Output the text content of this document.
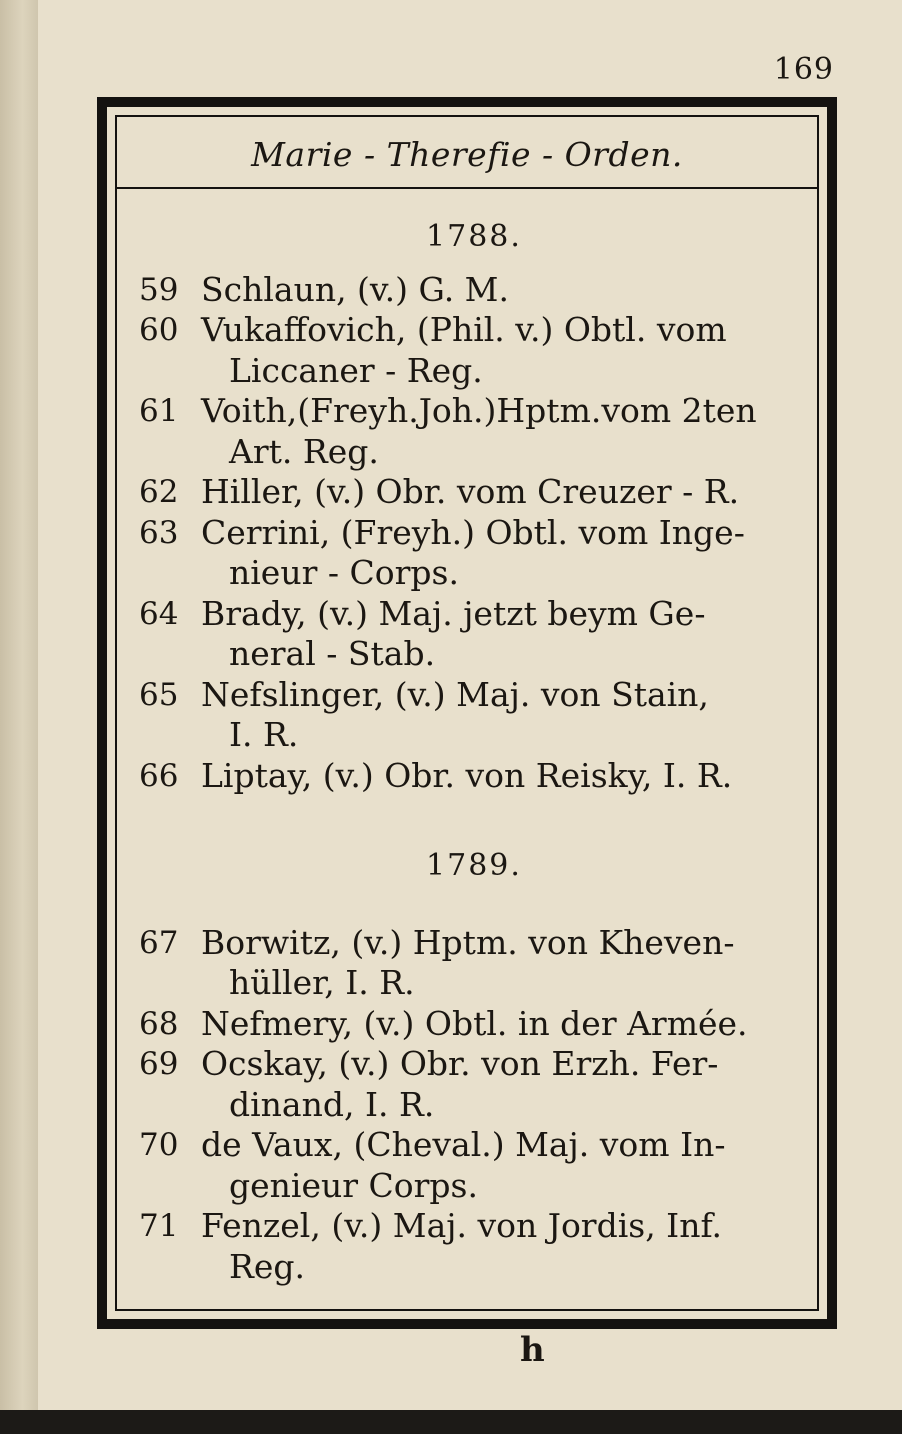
169
Marie - Therefie - Orden.
1788.
59 Schlaun, (v.) G. M.
60 Vukaffovich, (Phil. v.) Obtl. vom
Liccaner - Reg.
61 Voith,(Freyh.Joh.)Hptm.vom 2ten
Art. Reg.
62 Hiller, (v.) Obr. vom Creuzer - R.
63 Cerrini, (Freyh.) Obtl. vom Inge-
nieur - Corps.
64 Brady, (v.) Maj. jetzt beym Ge-
neral - Stab.
65 Nefslinger, (v.) Maj. von Stain,
I. R.
66 Liptay, (v.) Obr. von Reisky, I. R.
1789.
67 Borwitz, (v.) Hptm. von Kheven-
hüller, I. R.
68 Nefmery, (v.) Obtl. in der Armée.
69 Ocskay, (v.) Obr. von Erzh. Fer-
dinand, I. R.
70 de Vaux, (Cheval.) Maj. vom In-
genieur Corps.
71 Fenzel, (v.) Maj. von Jordis, Inf.
Reg.
h
